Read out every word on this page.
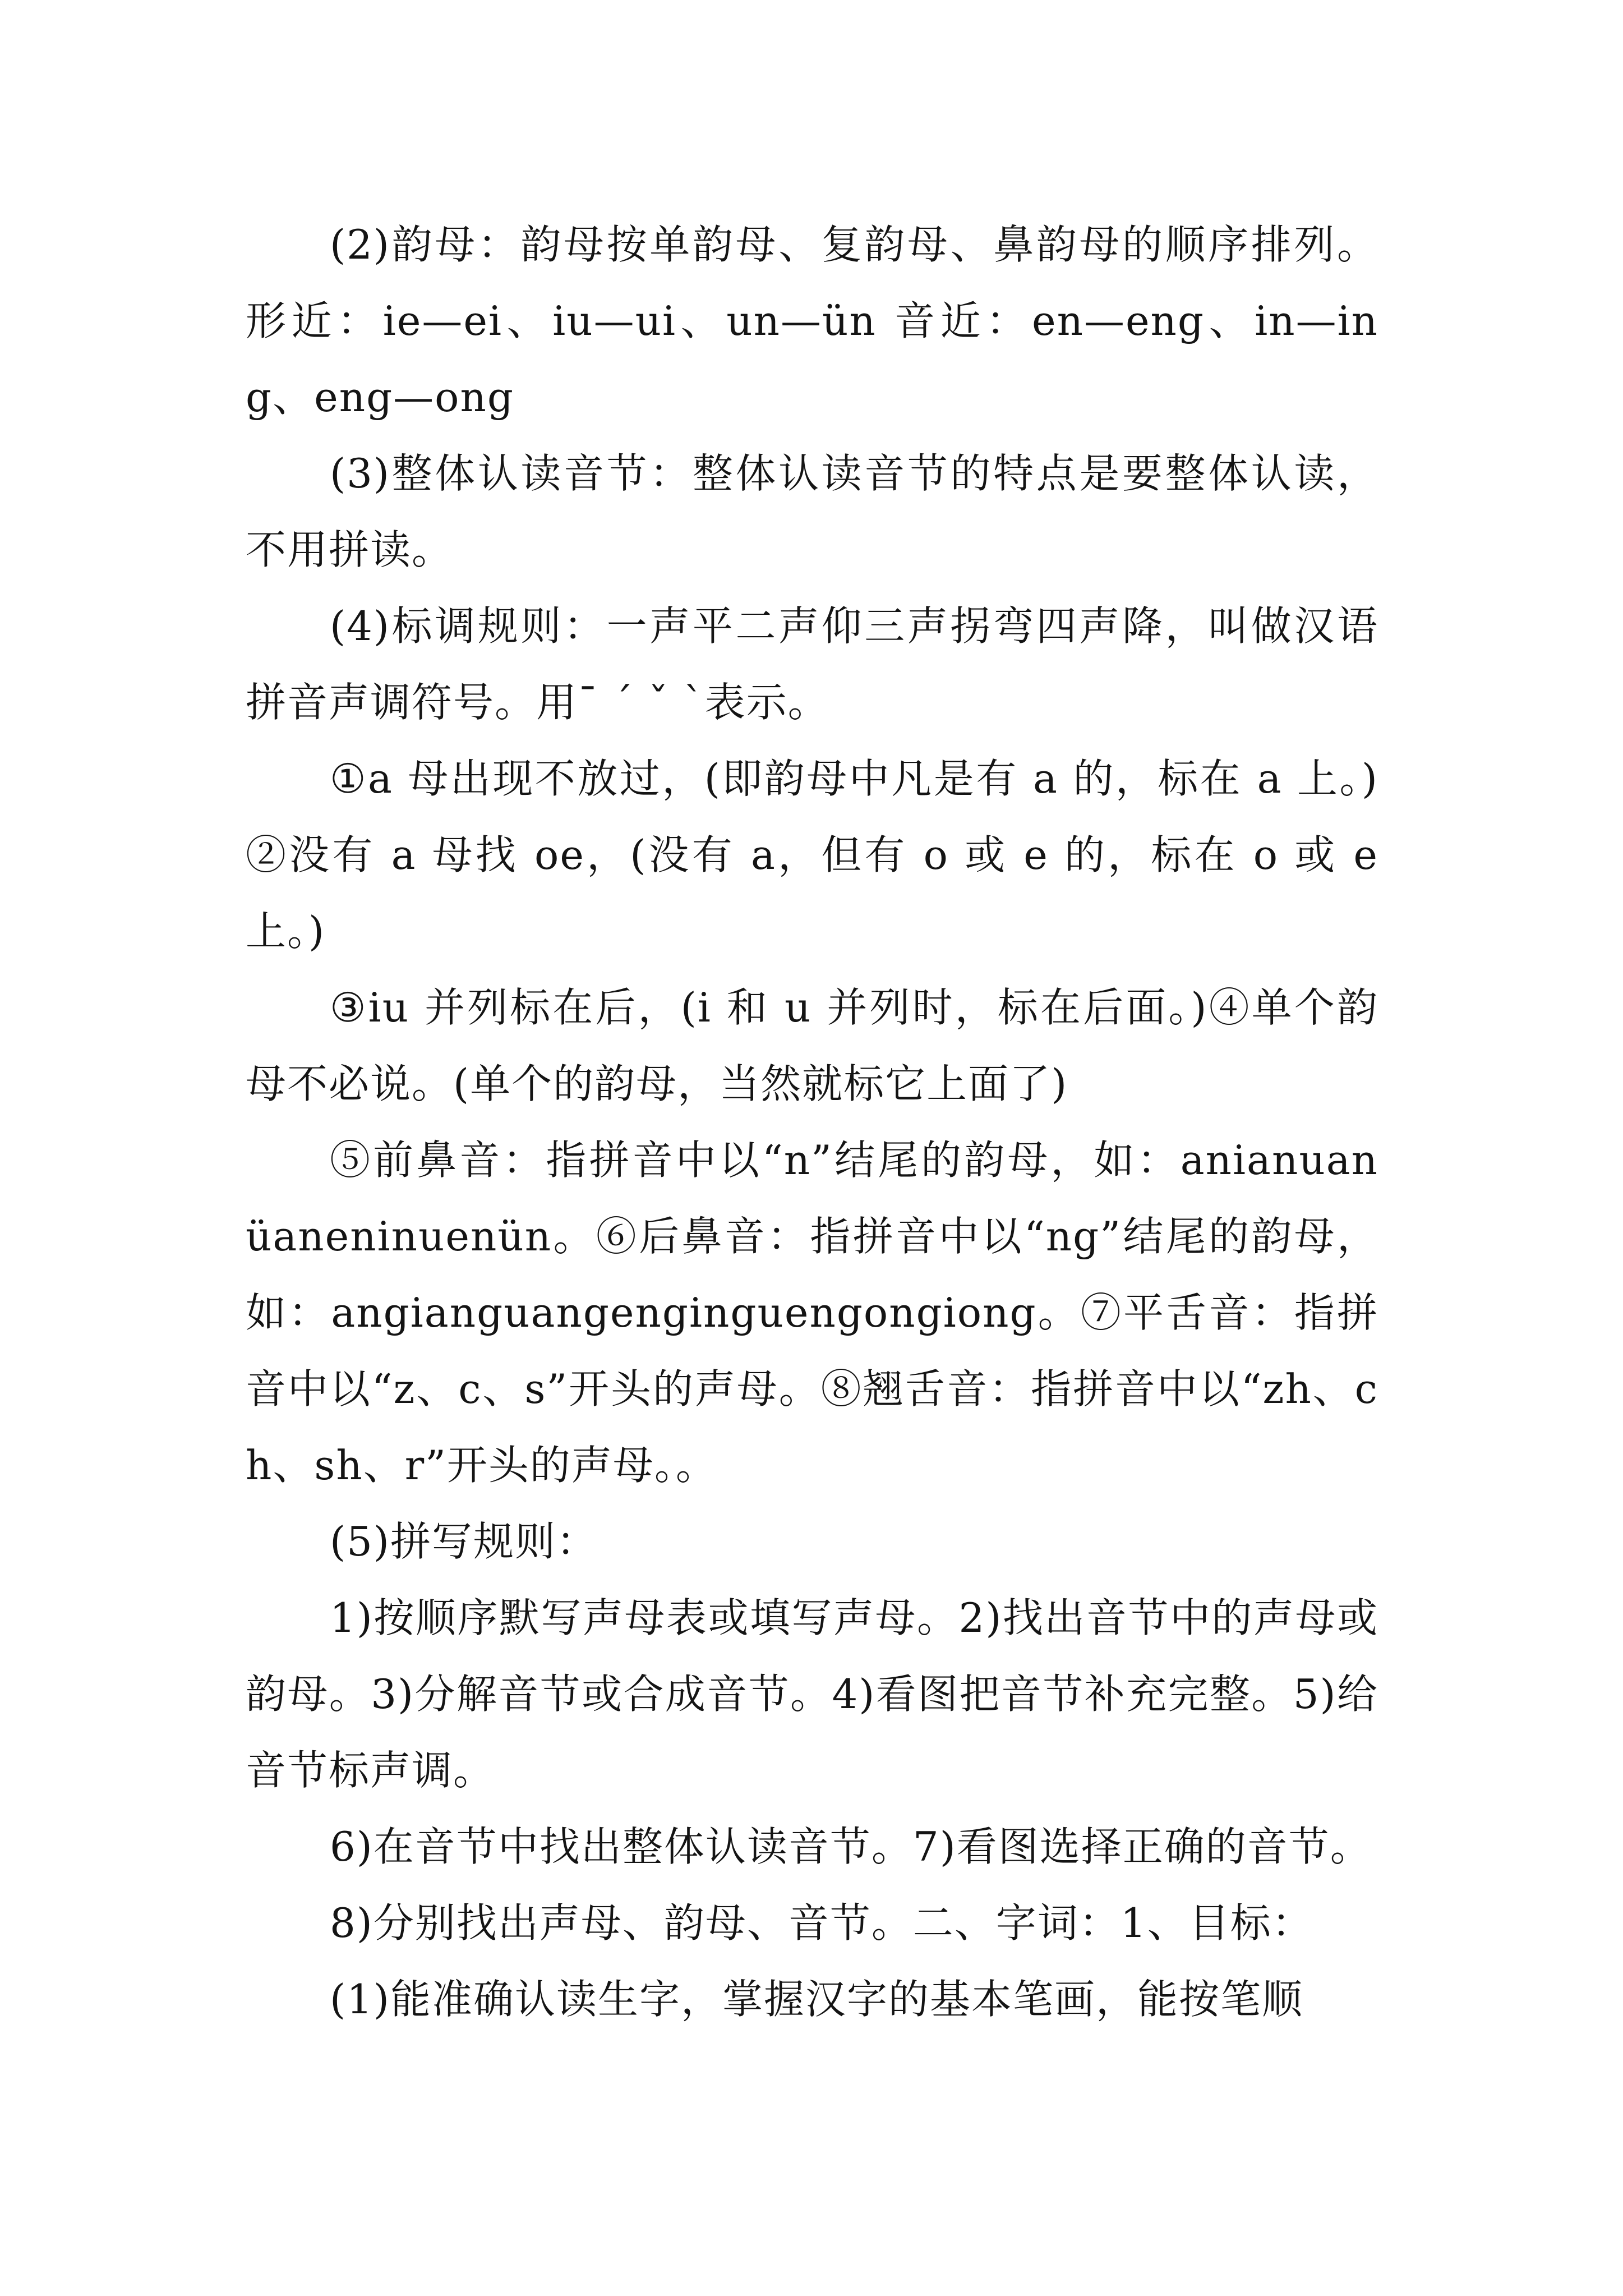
(2)韵母：韵母按单韵母、复韵母、鼻韵母的顺序排列。形近：ie—ei、iu—ui、un—ün 音近：en—eng、in—ing、eng—ong

(3)整体认读音节：整体认读音节的特点是要整体认读，不用拼读。

(4)标调规则：一声平二声仰三声拐弯四声降，叫做汉语拼音声调符号。用¯ ˊ ˇ ˋ表示。

①a 母出现不放过，(即韵母中凡是有 a 的，标在 a 上。)②没有 a 母找 oe，(没有 a，但有 o 或 e 的，标在 o 或 e 上。)

③iu 并列标在后，(i 和 u 并列时，标在后面。)④单个韵母不必说。(单个的韵母，当然就标它上面了)

⑤前鼻音：指拼音中以“n”结尾的韵母，如：anianuan üaneninuenün。⑥后鼻音：指拼音中以“ng”结尾的韵母，如：angianguangenginguengongiong。⑦平舌音：指拼音中以“z、c、s”开头的声母。⑧翘舌音：指拼音中以“zh、ch、sh、r”开头的声母。。

(5)拼写规则：

1)按顺序默写声母表或填写声母。2)找出音节中的声母或韵母。3)分解音节或合成音节。4)看图把音节补充完整。5)给音节标声调。

6)在音节中找出整体认读音节。7)看图选择正确的音节。

8)分别找出声母、韵母、音节。二、字词：1、目标：

(1)能准确认读生字，掌握汉字的基本笔画，能按笔顺
